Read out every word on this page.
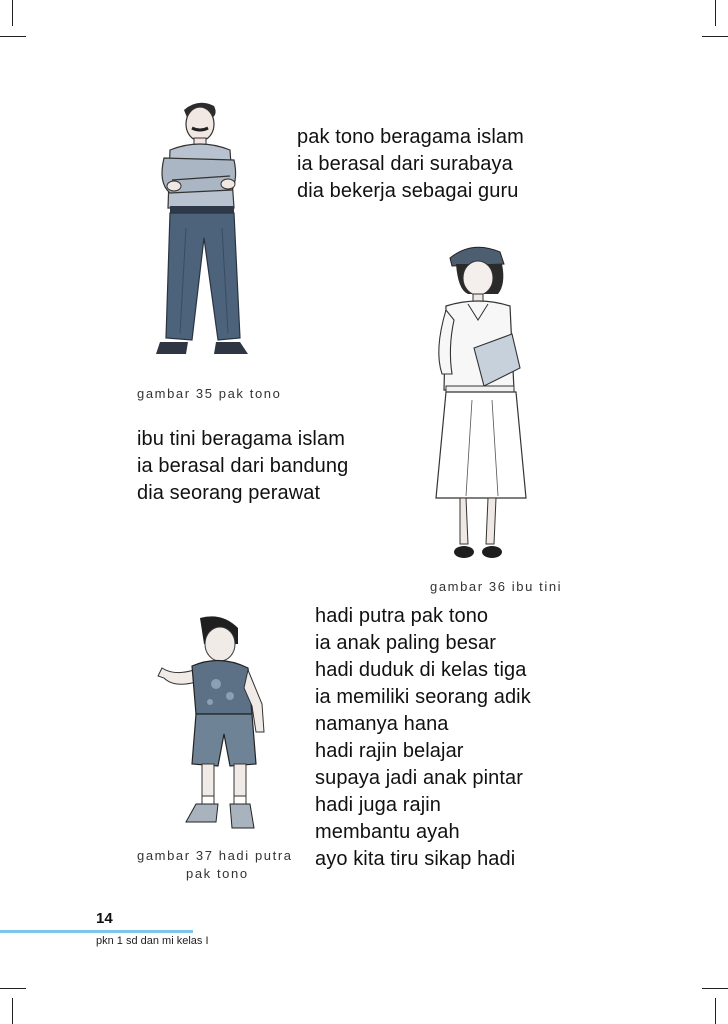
pak tono beragama islam
ia berasal dari surabaya
dia bekerja sebagai guru
gambar 35 pak tono
ibu tini beragama islam
ia berasal dari bandung
dia seorang perawat
gambar 36 ibu tini
hadi putra pak tono
ia anak paling besar
hadi duduk di kelas tiga
ia memiliki seorang adik
namanya hana
hadi rajin belajar
supaya jadi anak pintar
hadi juga rajin
membantu ayah
ayo kita tiru sikap hadi
gambar 37 hadi putra
pak tono
14
pkn 1 sd dan mi kelas I
